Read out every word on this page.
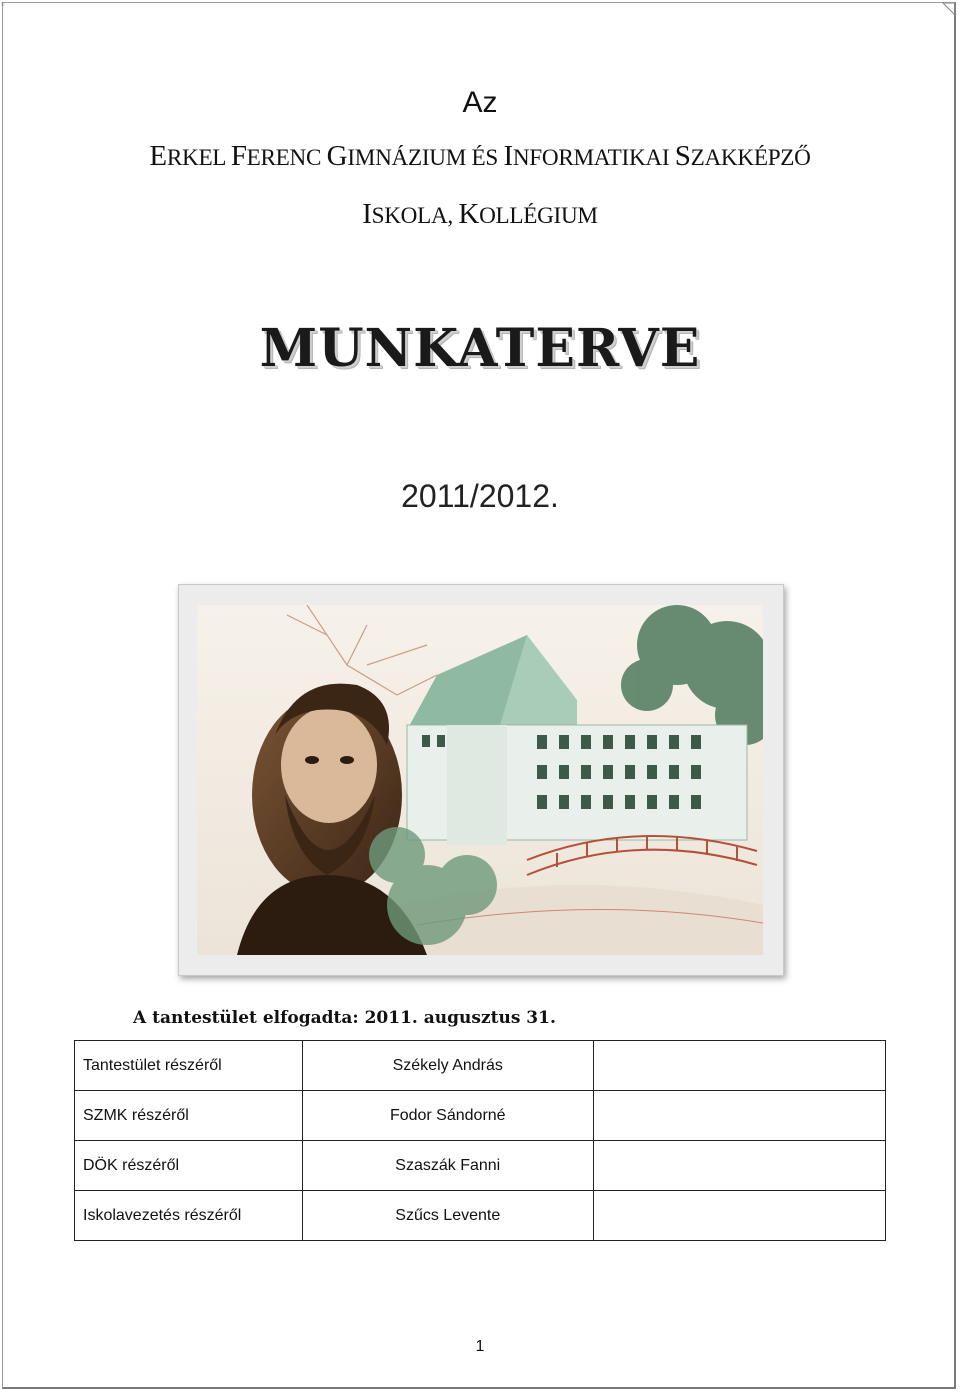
◦
Az
ERKEL FERENC GIMNÁZIUM ÉS INFORMATIKAI SZAKKÉPZŐ
ISKOLA, KOLLÉGIUM
MUNKATERVE
2011/2012.
A tantestület elfogadta: 2011. augusztus 31.
Tantestület részéről	Székely András	
SZMK részéről	Fodor Sándorné	
DÖK részéről	Szaszák Fanni	
Iskolavezetés részéről	Szűcs Levente	
1
